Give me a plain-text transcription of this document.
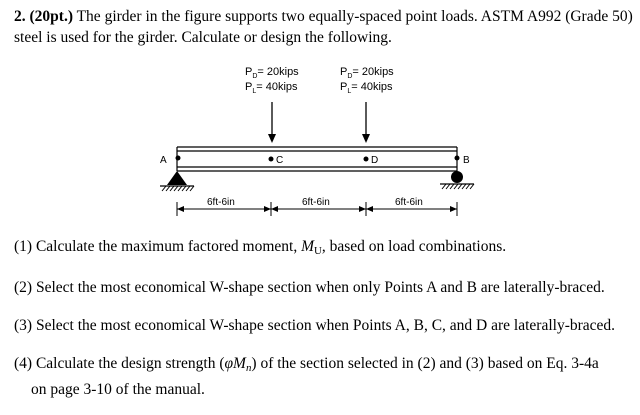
2. (20pt.) The girder in the figure supports two equally-spaced point loads. ASTM A992 (Grade 50) steel is used for the girder. Calculate or design the following.
$P_D=$ 20kips
$P_L=$ 40kips
$P_D=$ 20kips
$P_L=$ 40kips
A	C	D	B
6ft-6in	6ft-6in	6ft-6in
(1) Calculate the maximum factored moment, $M_U$, based on load combinations.
(2) Select the most economical W-shape section when only Points A and B are laterally-braced.
(3) Select the most economical W-shape section when Points A, B, C, and D are laterally-braced.
(4) Calculate the design strength $(\varphi M_n)$ of the section selected in (2) and (3) based on Eq. 3-4a
on page 3-10 of the manual.
